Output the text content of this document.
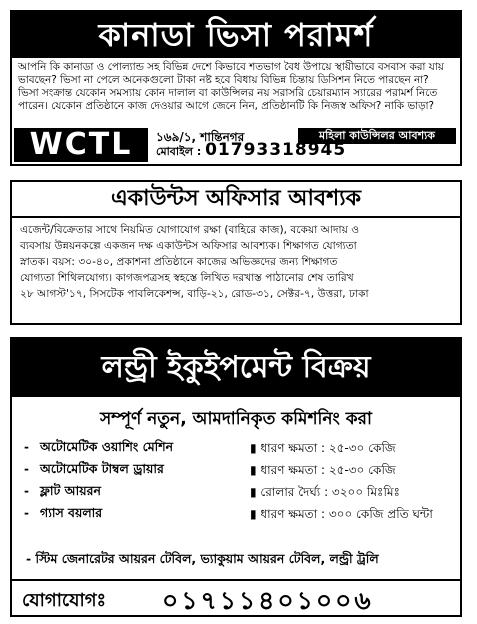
কানাডা ভিসা পরামর্শ
আপনি কি কানাডা ও পোল্যান্ড সহ বিভিন্ন দেশে কিভাবে শতভাগ বৈধ উপায়ে স্থায়ীভাবে বসবাস করা যায়
ভাবছেন? ভিসা না পেলে অনেকগুলো টাকা নষ্ট হবে বিধায় বিভিন্ন চিন্তায় ডিসিশন নিতে পারছেন না?
ভিসা সংক্রান্ত যেকোন সমস্যায় কোন দালাল বা কাউন্সিলর নয় সরাসরি চেয়ারম্যান স্যারের পরামর্শ নিতে
পারেন। যেকোন প্রতিষ্ঠানে কাজ দেওয়ার আগে জেনে নিন, প্রতিষ্ঠানটি কি নিজস্ব অফিস? নাকি ভাড়া?
WCTL	১৬৯/১, শান্তিনগর	মহিলা কাউন্সিলর আবশ্যক
মোবাইল : 01793318945
একাউন্টস অফিসার আবশ্যক
এজেন্ট/বিক্রেতার সাথে নিয়মিত যোগাযোগ রক্ষা (বাহিরে কাজ), বকেয়া আদায় ও
ব্যবসায় উন্নয়নকল্পে একজন দক্ষ একাউন্টস অফিসার আবশ্যক। শিক্ষাগত যোগ্যতা
স্নাতক। বয়স: ৩০-৪০, প্রকাশনা প্রতিষ্ঠানে কাজের অভিজ্ঞদের জন্য শিক্ষাগত
যোগ্যতা শিথিলযোগ্য। কাগজপত্রসহ স্বহস্তে লিখিত দরখাস্ত পাঠানোর শেষ তারিখ
২৮ আগস্ট'১৭, সিসটেক পাবলিকেশন্স, বাড়ি-২১, রোড-৩১, সেক্টর-৭, উত্তরা, ঢাকা
লন্ড্রী ইকুইপমেন্ট বিক্রয়
সম্পূর্ণ নতুন, আমদানিকৃত কমিশনিং করা
- অটোমেটিক ওয়াশিং মেশিন	▮ ধারণ ক্ষমতা : ২৫-৩০ কেজি
- অটোমেটিক টাম্বল ড্রায়ার	▮ ধারণ ক্ষমতা : ২৫-৩০ কেজি
- ফ্লাট আয়রন	▮ রোলার দৈর্ঘ্য : ৩২০০ মিঃমিঃ
- গ্যাস বয়লার	▮ ধারণ ক্ষমতা : ৩০০ কেজি প্রতি ঘন্টা
- স্টিম জেনারেটর আয়রন টেবিল, ভ্যাকুয়াম আয়রন টেবিল, লন্ড্রী ট্রলি
যোগাযোগঃ ০১৭১১৪০১০০৬
